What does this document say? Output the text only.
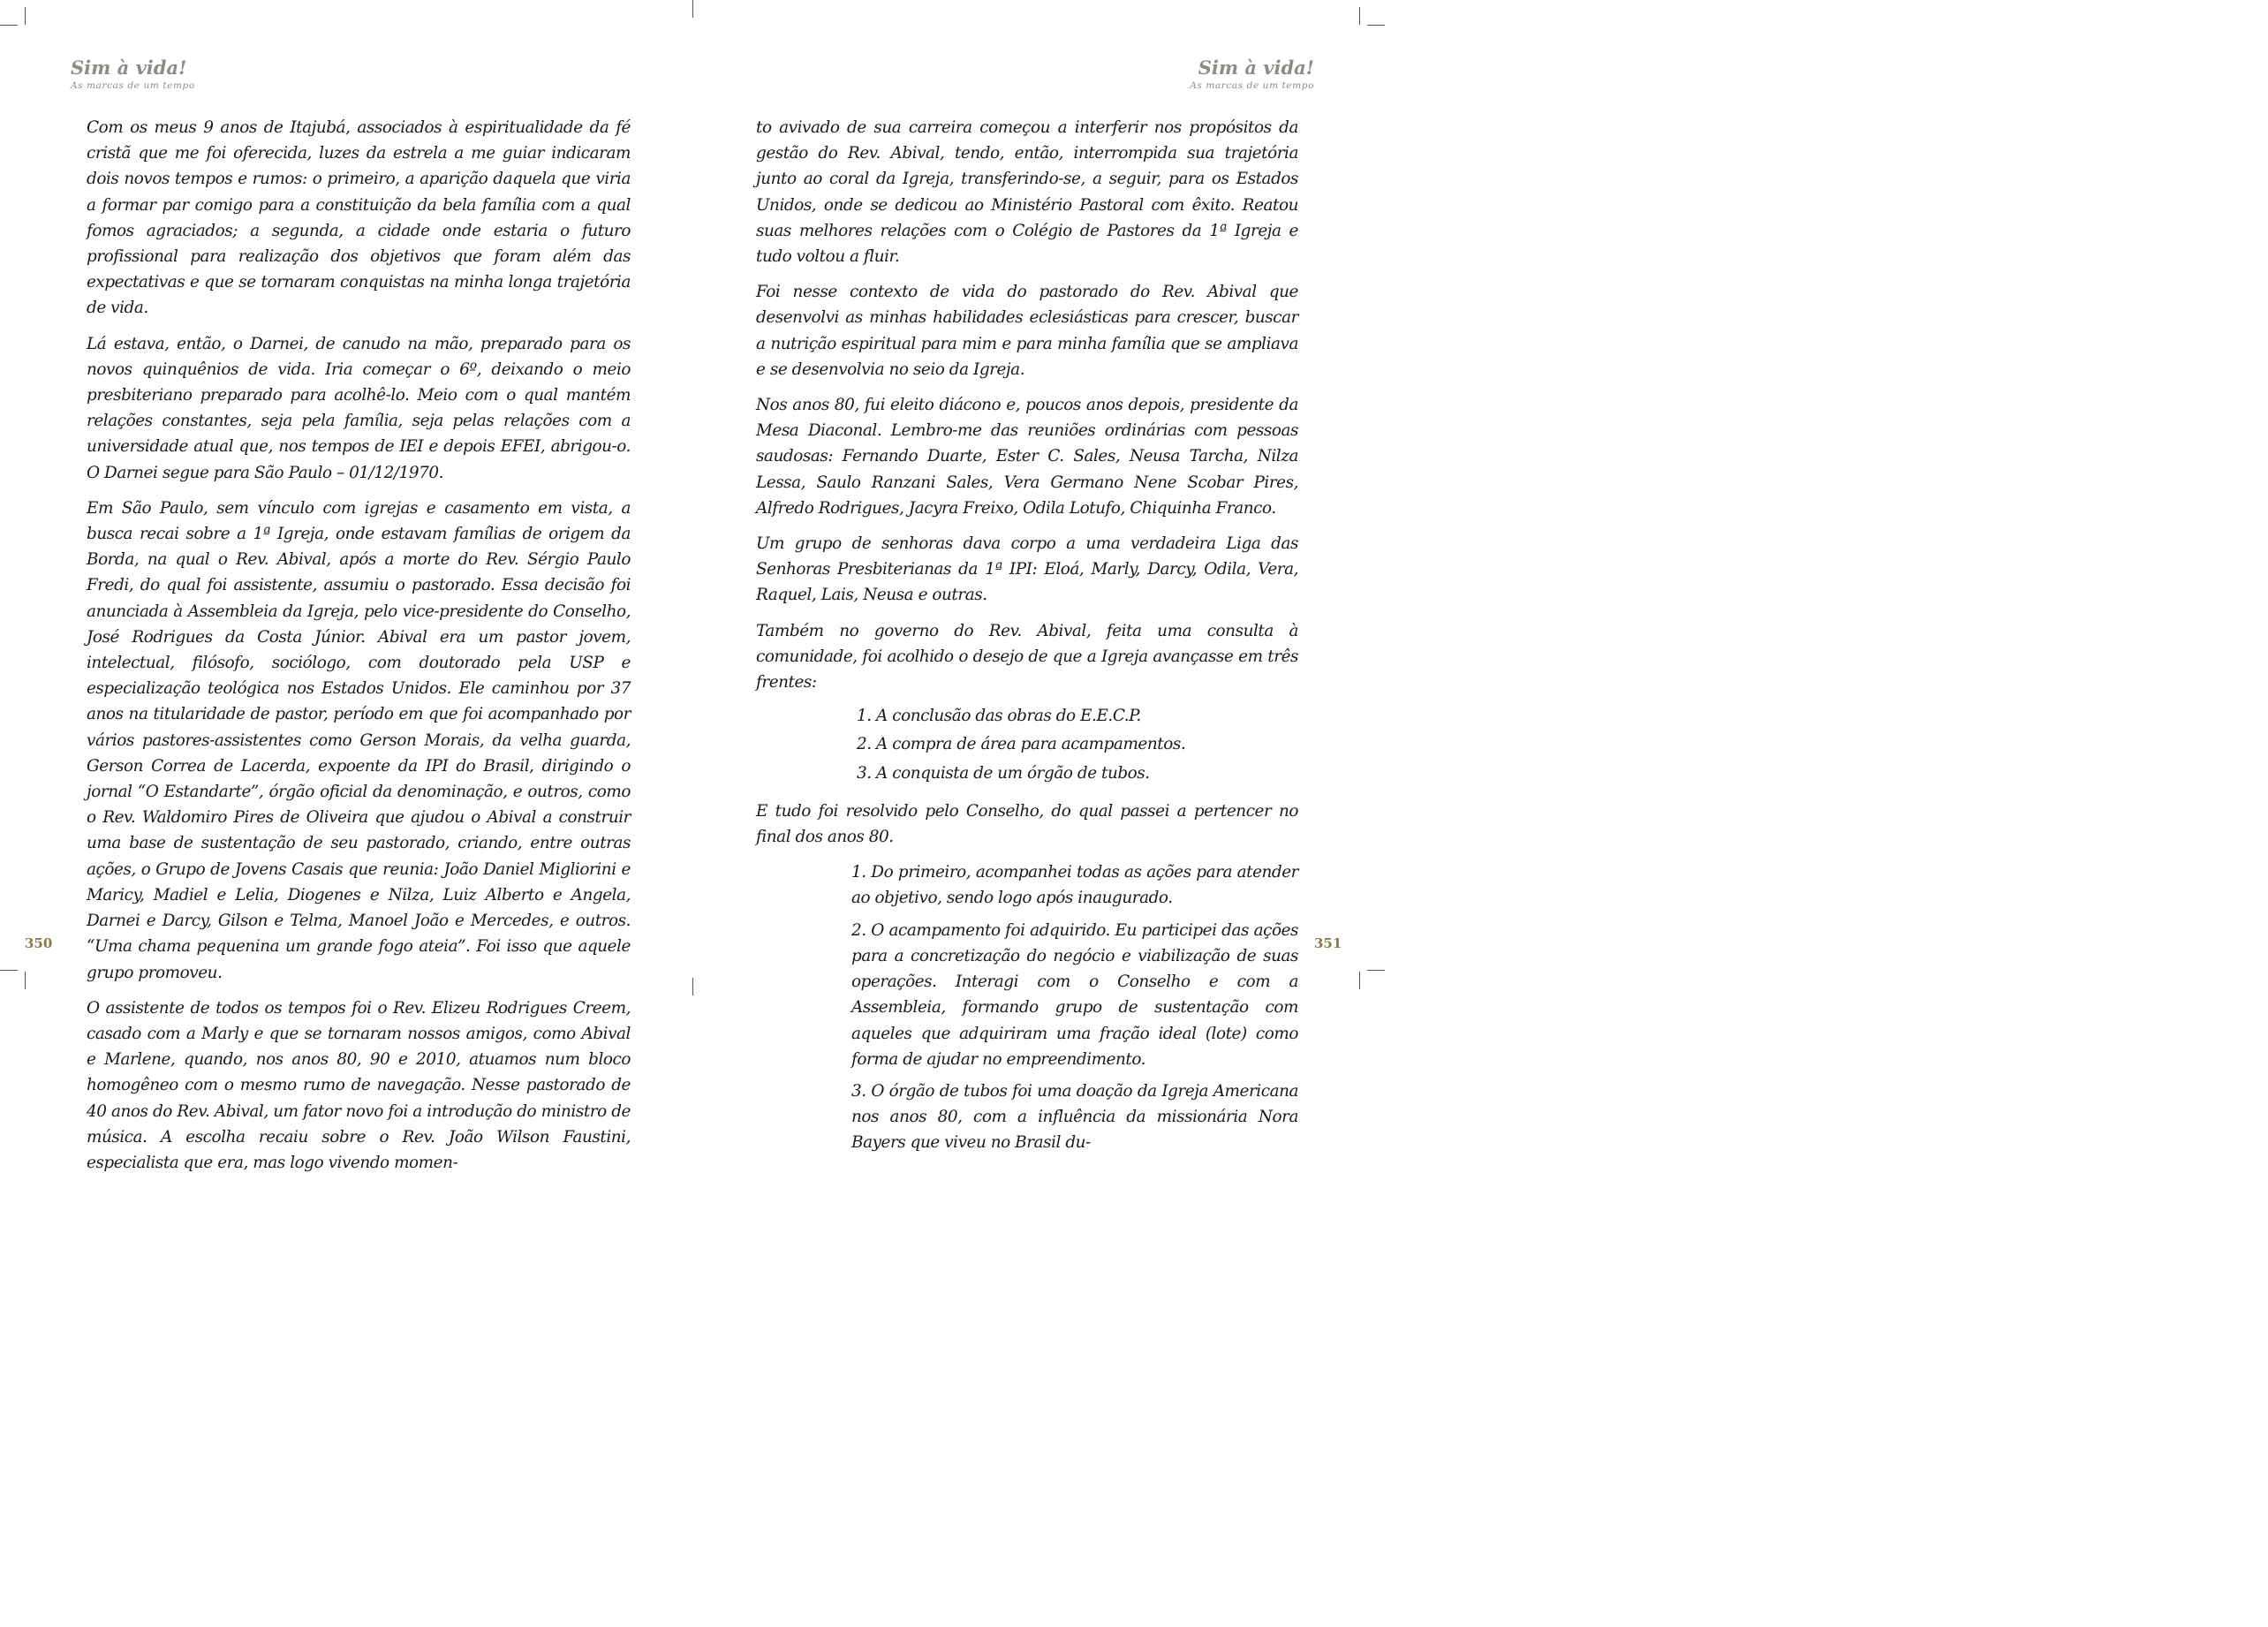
Sim à vida!
As marcas de um tempo
Sim à vida!
As marcas de um tempo

Com os meus 9 anos de Itajubá, associados à espiritualidade da fé cristã que me foi oferecida, luzes da estrela a me guiar indicaram dois novos tempos e rumos: o primeiro, a aparição daquela que viria a formar par comigo para a constituição da bela família com a qual fomos agraciados; a segunda, a cidade onde estaria o futuro profissional para realização dos objetivos que foram além das expectativas e que se tornaram conquistas na minha longa trajetória de vida.

Lá estava, então, o Darnei, de canudo na mão, preparado para os novos quinquênios de vida. Iria começar o 6º, deixando o meio presbiteriano preparado para acolhê-lo. Meio com o qual mantém relações constantes, seja pela família, seja pelas relações com a universidade atual que, nos tempos de IEI e depois EFEI, abrigou-o. O Darnei segue para São Paulo – 01/12/1970.

Em São Paulo, sem vínculo com igrejas e casamento em vista, a busca recai sobre a 1ª Igreja, onde estavam famílias de origem da Borda, na qual o Rev. Abival, após a morte do Rev. Sérgio Paulo Fredi, do qual foi assistente, assumiu o pastorado. Essa decisão foi anunciada à Assembleia da Igreja, pelo vice-presidente do Conselho, José Rodrigues da Costa Júnior. Abival era um pastor jovem, intelectual, filósofo, sociólogo, com doutorado pela USP e especialização teológica nos Estados Unidos. Ele caminhou por 37 anos na titularidade de pastor, período em que foi acompanhado por vários pastores-assistentes como Gerson Morais, da velha guarda, Gerson Correa de Lacerda, expoente da IPI do Brasil, dirigindo o jornal “O Estandarte”, órgão oficial da denominação, e outros, como o Rev. Waldomiro Pires de Oliveira que ajudou o Abival a construir uma base de sustentação de seu pastorado, criando, entre outras ações, o Grupo de Jovens Casais que reunia: João Daniel Migliorini e Maricy, Madiel e Lelia, Diogenes e Nilza, Luiz Alberto e Angela, Darnei e Darcy, Gilson e Telma, Manoel João e Mercedes, e outros. “Uma chama pequenina um grande fogo ateia”. Foi isso que aquele grupo promoveu.

O assistente de todos os tempos foi o Rev. Elizeu Rodrigues Creem, casado com a Marly e que se tornaram nossos amigos, como Abival e Marlene, quando, nos anos 80, 90 e 2010, atuamos num bloco homogêneo com o mesmo rumo de navegação. Nesse pastorado de 40 anos do Rev. Abival, um fator novo foi a introdução do ministro de música. A escolha recaiu sobre o Rev. João Wilson Faustini, especialista que era, mas logo vivendo momen-

to avivado de sua carreira começou a interferir nos propósitos da gestão do Rev. Abival, tendo, então, interrompida sua trajetória junto ao coral da Igreja, transferindo-se, a seguir, para os Estados Unidos, onde se dedicou ao Ministério Pastoral com êxito. Reatou suas melhores relações com o Colégio de Pastores da 1ª Igreja e tudo voltou a fluir.

Foi nesse contexto de vida do pastorado do Rev. Abival que desenvolvi as minhas habilidades eclesiásticas para crescer, buscar a nutrição espiritual para mim e para minha família que se ampliava e se desenvolvia no seio da Igreja.

Nos anos 80, fui eleito diácono e, poucos anos depois, presidente da Mesa Diaconal. Lembro-me das reuniões ordinárias com pessoas saudosas: Fernando Duarte, Ester C. Sales, Neusa Tarcha, Nilza Lessa, Saulo Ranzani Sales, Vera Germano Nene Scobar Pires, Alfredo Rodrigues, Jacyra Freixo, Odila Lotufo, Chiquinha Franco.

Um grupo de senhoras dava corpo a uma verdadeira Liga das Senhoras Presbiterianas da 1ª IPI: Eloá, Marly, Darcy, Odila, Vera, Raquel, Lais, Neusa e outras.

Também no governo do Rev. Abival, feita uma consulta à comunidade, foi acolhido o desejo de que a Igreja avançasse em três frentes:

1. A conclusão das obras do E.E.C.P.

2. A compra de área para acampamentos.

3. A conquista de um órgão de tubos.

E tudo foi resolvido pelo Conselho, do qual passei a pertencer no final dos anos 80.

1. Do primeiro, acompanhei todas as ações para atender ao objetivo, sendo logo após inaugurado.

2. O acampamento foi adquirido. Eu participei das ações para a concretização do negócio e viabilização de suas operações. Interagi com o Conselho e com a Assembleia, formando grupo de sustentação com aqueles que adquiriram uma fração ideal (lote) como forma de ajudar no empreendimento.

3. O órgão de tubos foi uma doação da Igreja Americana nos anos 80, com a influência da missionária Nora Bayers que viveu no Brasil du-

350	351
